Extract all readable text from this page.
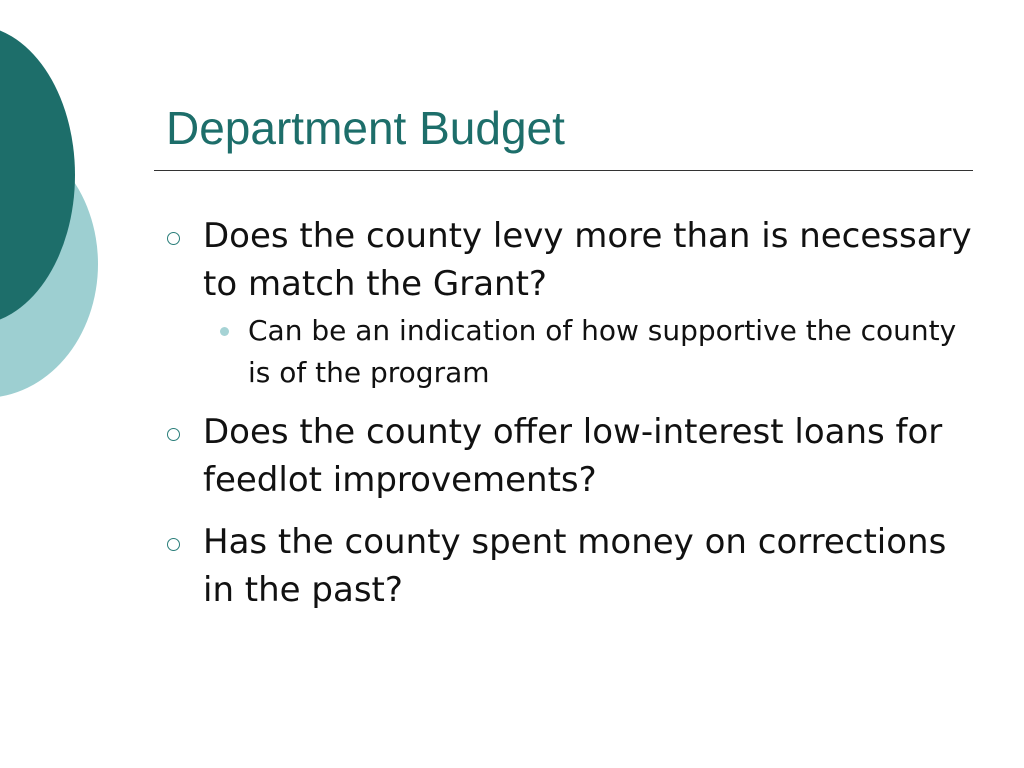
Department Budget
Does the county levy more than is necessary to match the Grant?
Can be an indication of how supportive the county is of the program
Does the county offer low-interest loans for feedlot improvements?
Has the county spent money on corrections in the past?
